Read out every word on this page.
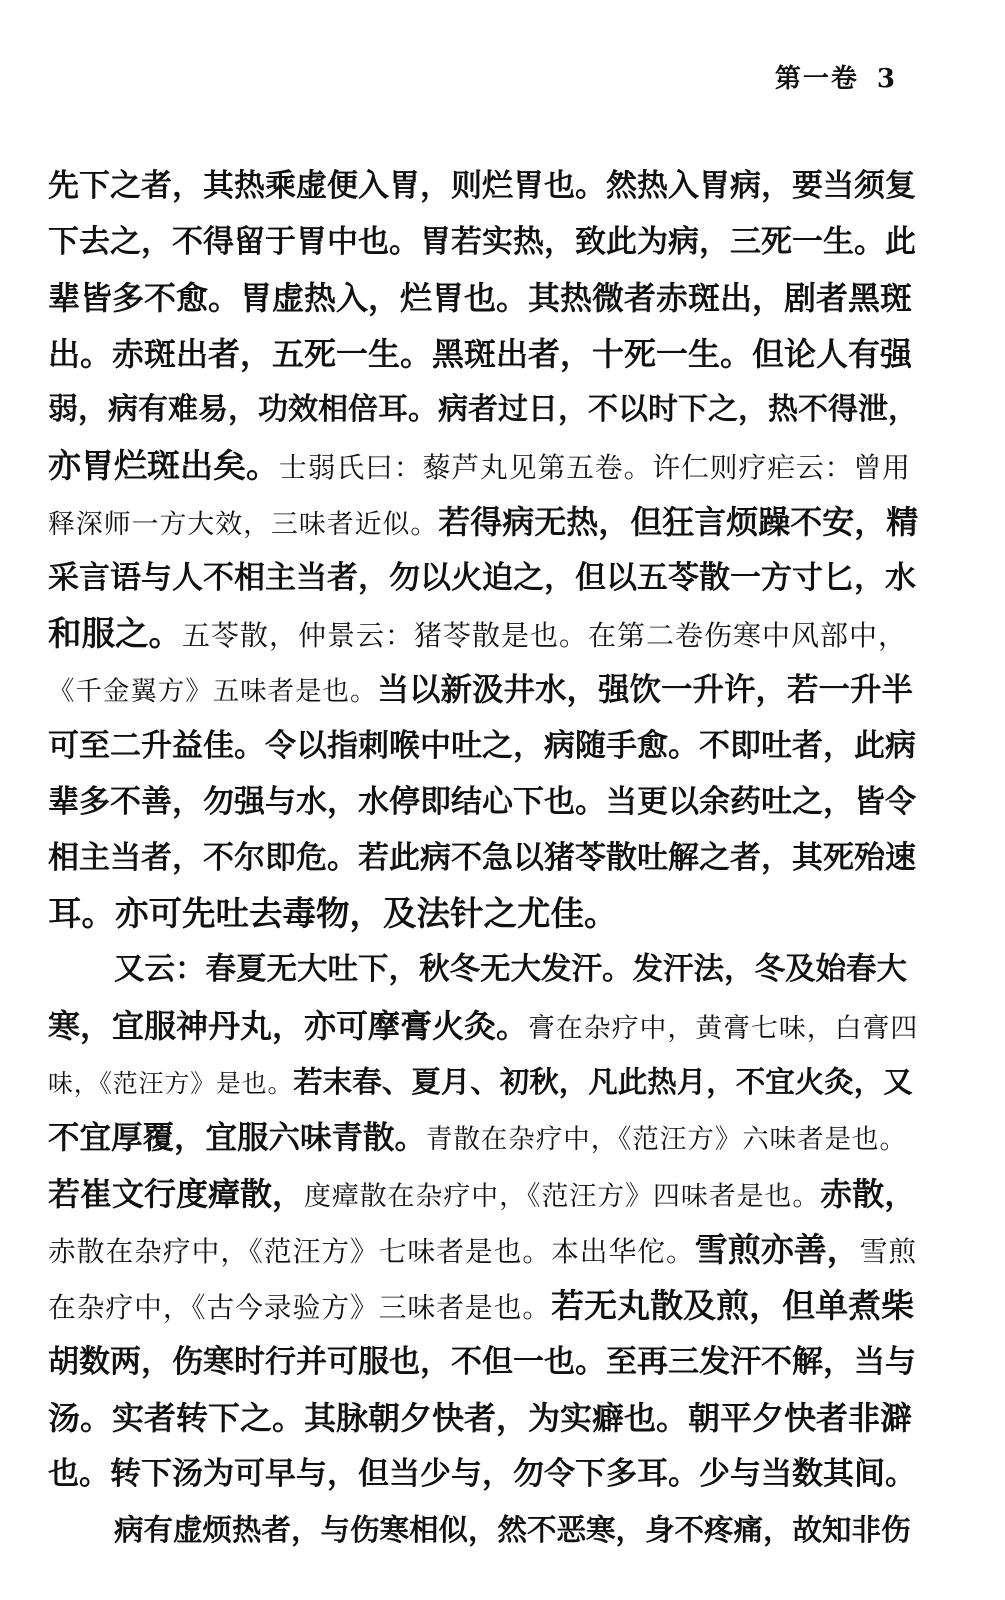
第一卷 3
先下之者，其热乘虚便入胃，则烂胃也。然热入胃病，要当须复
下去之，不得留于胃中也。胃若实热，致此为病，三死一生。此
辈皆多不愈。胃虚热入，烂胃也。其热微者赤斑出，剧者黑斑
出。赤斑出者，五死一生。黑斑出者，十死一生。但论人有强
弱，病有难易，功效相倍耳。病者过日，不以时下之，热不得泄，
亦胃烂斑出矣。士弱氏曰：藜芦丸见第五卷。许仁则疗疟云：曾用
释深师一方大效，三味者近似。若得病无热，但狂言烦躁不安，精
采言语与人不相主当者，勿以火迫之，但以五苓散一方寸匕，水
和服之。五苓散，仲景云：猪苓散是也。在第二卷伤寒中风部中，
《千金翼方》五味者是也。当以新汲井水，强饮一升许，若一升半
可至二升益佳。令以指刺喉中吐之，病随手愈。不即吐者，此病
辈多不善，勿强与水，水停即结心下也。当更以余药吐之，皆令
相主当者，不尔即危。若此病不急以猪苓散吐解之者，其死殆速
耳。亦可先吐去毒物，及法针之尤佳。
又云：春夏无大吐下，秋冬无大发汗。发汗法，冬及始春大
寒，宜服神丹丸，亦可摩膏火灸。膏在杂疗中，黄膏七味，白膏四
味，《范汪方》是也。若末春、夏月、初秋，凡此热月，不宜火灸，又
不宜厚覆，宜服六味青散。青散在杂疗中，《范汪方》六味者是也。
若崔文行度瘴散，度瘴散在杂疗中，《范汪方》四味者是也。赤散，
赤散在杂疗中，《范汪方》七味者是也。本出华佗。雪煎亦善，雪煎
在杂疗中，《古今录验方》三味者是也。若无丸散及煎，但单煮柴
胡数两，伤寒时行并可服也，不但一也。至再三发汗不解，当与
汤。实者转下之。其脉朝夕快者，为实癖也。朝平夕快者非澼
也。转下汤为可早与，但当少与，勿令下多耳。少与当数其间。
病有虚烦热者，与伤寒相似，然不恶寒，身不疼痛，故知非伤
